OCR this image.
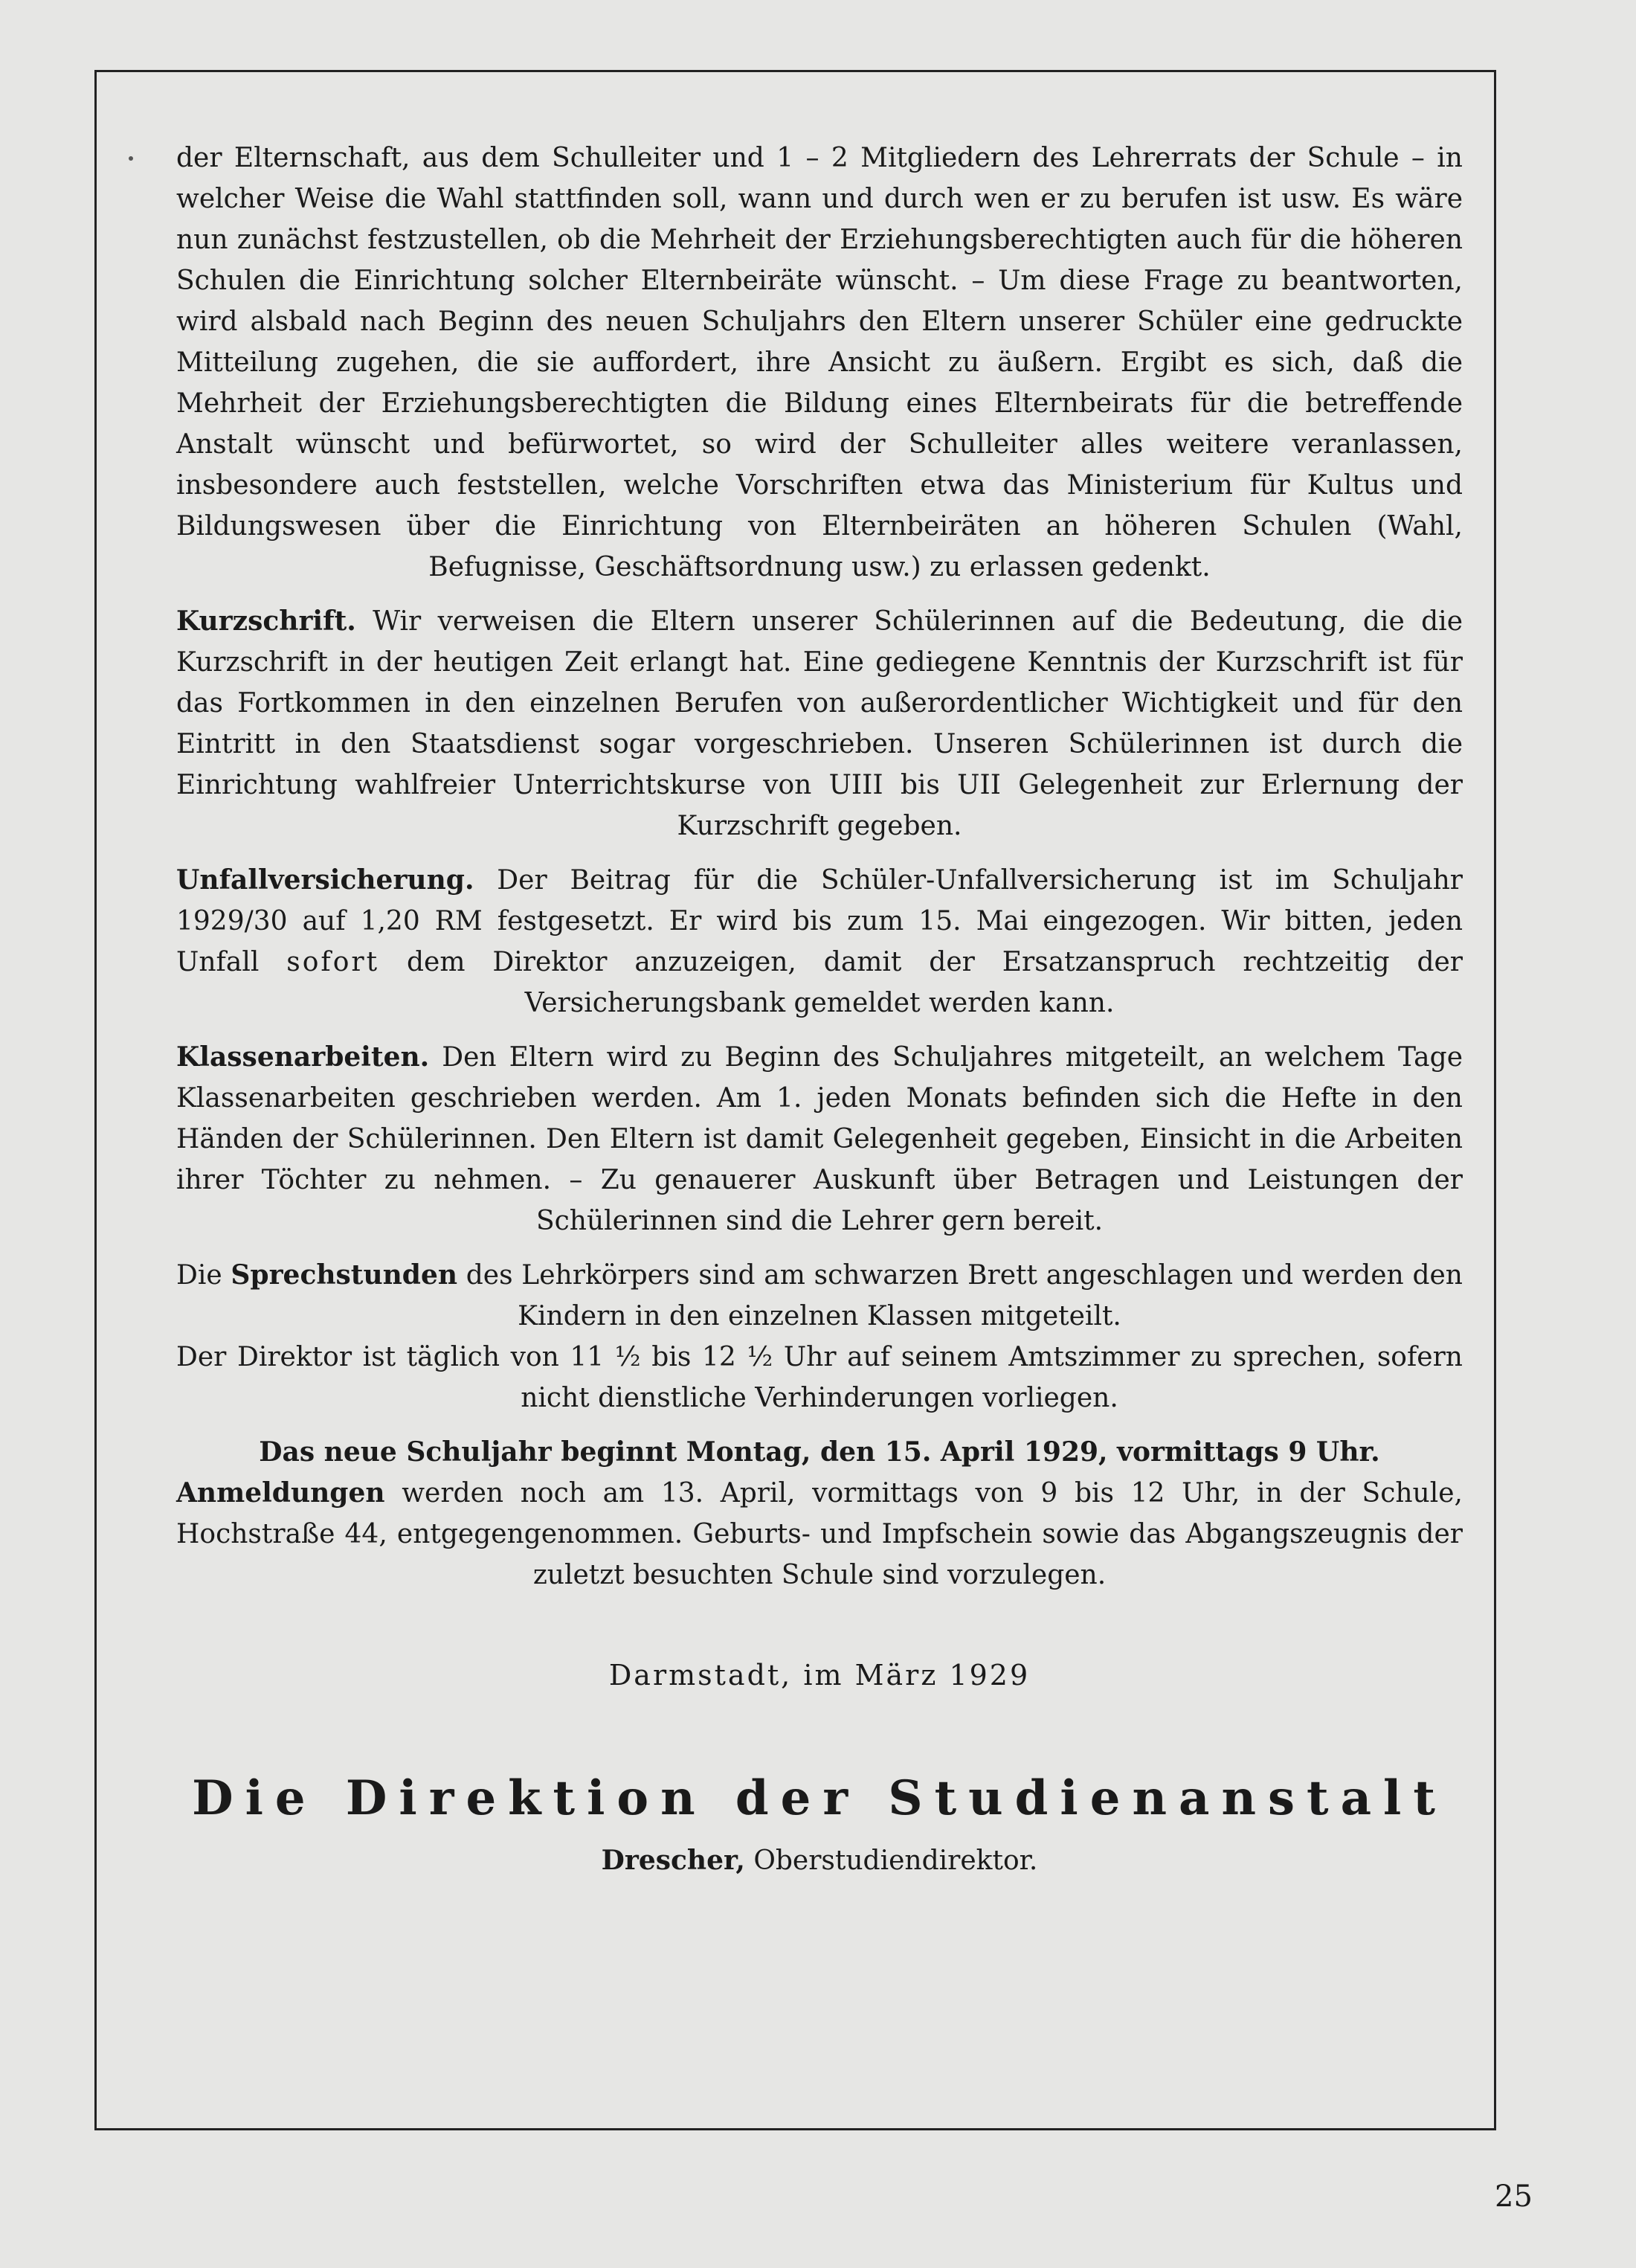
der Elternschaft, aus dem Schulleiter und 1 – 2 Mitgliedern des Lehrerrats der Schule – in welcher Weise die Wahl stattfinden soll, wann und durch wen er zu berufen ist usw. Es wäre nun zunächst festzustellen, ob die Mehrheit der Erziehungsberechtigten auch für die höheren Schulen die Einrichtung solcher Elternbeiräte wünscht. – Um diese Frage zu beantworten, wird alsbald nach Beginn des neuen Schuljahrs den Eltern unserer Schüler eine gedruckte Mitteilung zugehen, die sie auffordert, ihre Ansicht zu äußern. Ergibt es sich, daß die Mehrheit der Erziehungsberechtigten die Bildung eines Elternbeirats für die betreffende Anstalt wünscht und befürwortet, so wird der Schulleiter alles weitere veranlassen, insbesondere auch feststellen, welche Vorschriften etwa das Ministerium für Kultus und Bildungswesen über die Einrichtung von Elternbeiräten an höheren Schulen (Wahl, Befugnisse, Geschäftsordnung usw.) zu erlassen gedenkt.

Kurzschrift. Wir verweisen die Eltern unserer Schülerinnen auf die Bedeutung, die die Kurzschrift in der heutigen Zeit erlangt hat. Eine gediegene Kenntnis der Kurzschrift ist für das Fortkommen in den einzelnen Berufen von außerordentlicher Wichtigkeit und für den Eintritt in den Staatsdienst sogar vorgeschrieben. Unseren Schülerinnen ist durch die Einrichtung wahlfreier Unterrichtskurse von UIII bis UII Gelegenheit zur Erlernung der Kurzschrift gegeben.

Unfallversicherung. Der Beitrag für die Schüler-Unfallversicherung ist im Schuljahr 1929/30 auf 1,20 RM festgesetzt. Er wird bis zum 15. Mai eingezogen. Wir bitten, jeden Unfall sofort dem Direktor anzuzeigen, damit der Ersatzanspruch rechtzeitig der Versicherungsbank gemeldet werden kann.

Klassenarbeiten. Den Eltern wird zu Beginn des Schuljahres mitgeteilt, an welchem Tage Klassenarbeiten geschrieben werden. Am 1. jeden Monats befinden sich die Hefte in den Händen der Schülerinnen. Den Eltern ist damit Gelegenheit gegeben, Einsicht in die Arbeiten ihrer Töchter zu nehmen. – Zu genauerer Auskunft über Betragen und Leistungen der Schülerinnen sind die Lehrer gern bereit.

Die Sprechstunden des Lehrkörpers sind am schwarzen Brett angeschlagen und werden den Kindern in den einzelnen Klassen mitgeteilt.

Der Direktor ist täglich von 11 ½ bis 12 ½ Uhr auf seinem Amtszimmer zu sprechen, sofern nicht dienstliche Verhinderungen vorliegen.

Das neue Schuljahr beginnt Montag, den 15. April 1929, vormittags 9 Uhr.

Anmeldungen werden noch am 13. April, vormittags von 9 bis 12 Uhr, in der Schule, Hochstraße 44, entgegengenommen. Geburts- und Impfschein sowie das Abgangszeugnis der zuletzt besuchten Schule sind vorzulegen.

Darmstadt, im März 1929
Die Direktion der Studienanstalt
Drescher, Oberstudiendirektor.
25
